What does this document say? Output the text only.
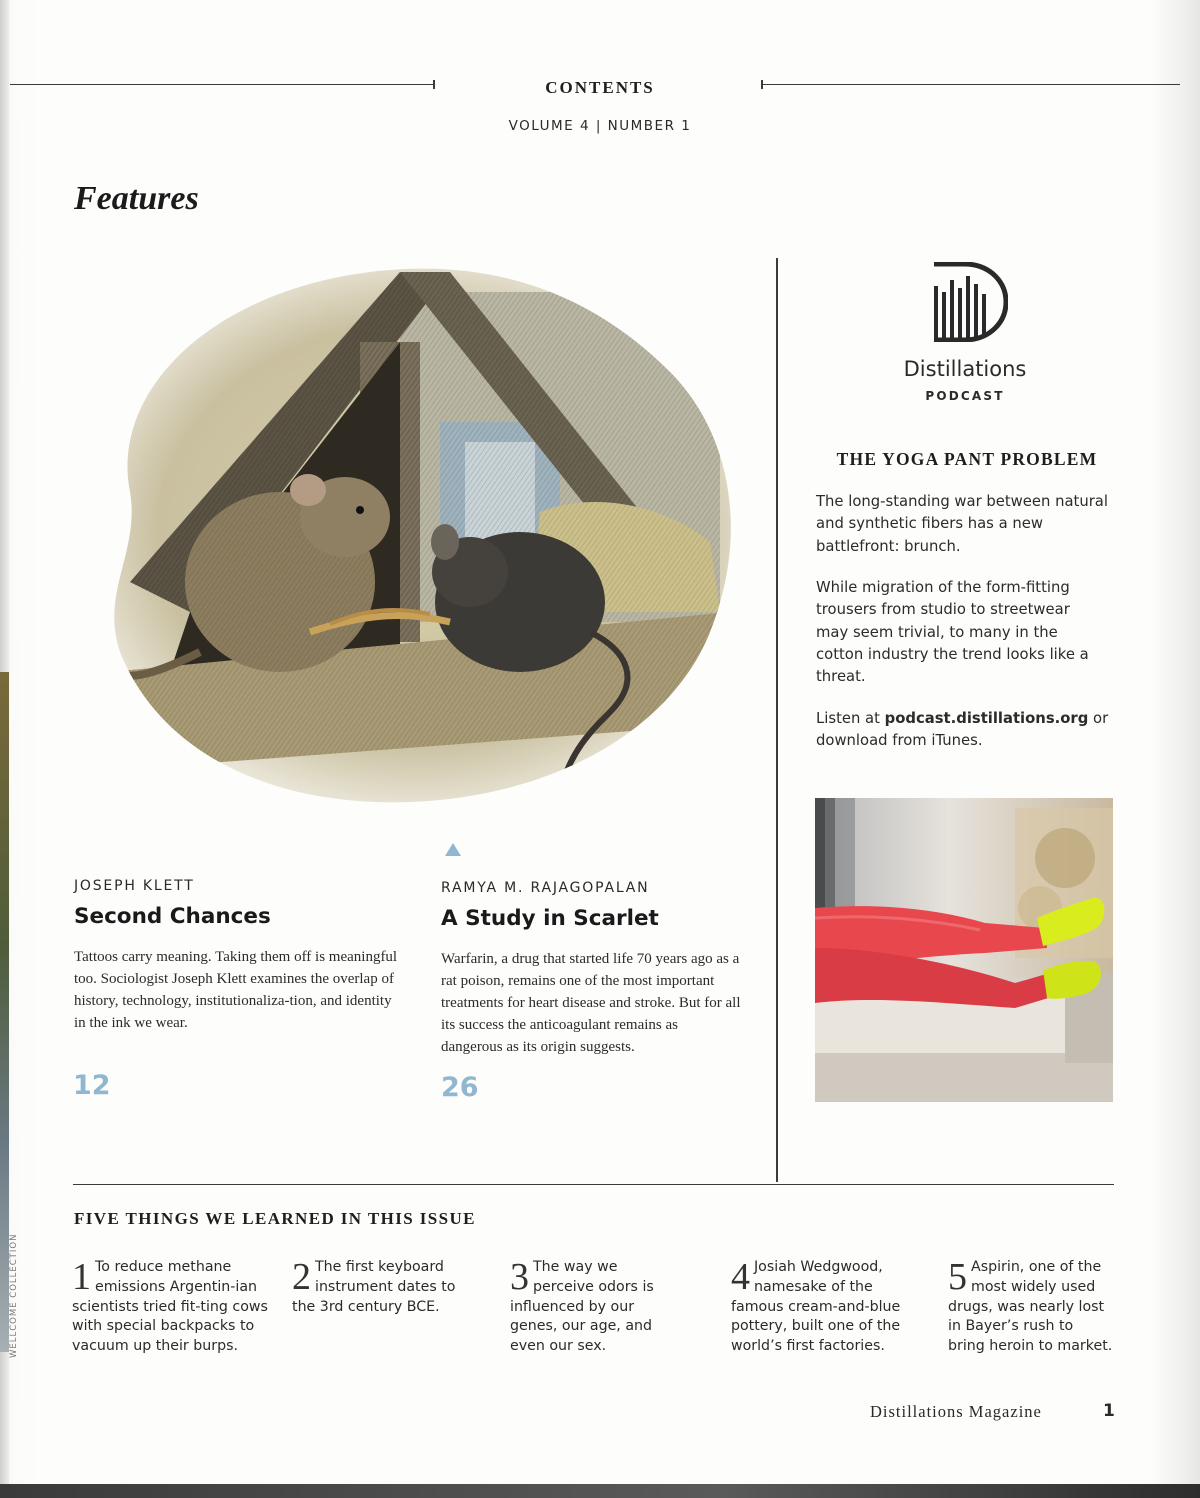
CONTENTS
VOLUME 4 | NUMBER 1
Features
JOSEPH KLETT
Second Chances
Tattoos carry meaning. Taking them off is meaningful too. Sociologist Joseph Klett examines the overlap of history, technology, institutionaliza-tion, and identity in the ink we wear.
12
RAMYA M. RAJAGOPALAN
A Study in Scarlet
Warfarin, a drug that started life 70 years ago as a rat poison, remains one of the most important treatments for heart disease and stroke. But for all its success the anticoagulant remains as dangerous as its origin suggests.
26
Distillations
PODCAST
THE YOGA PANT PROBLEM
The long-standing war between natural and synthetic fibers has a new battlefront: brunch.
While migration of the form-fitting trousers from studio to streetwear may seem trivial, to many in the cotton industry the trend looks like a threat.
Listen at podcast.distillations.org or download from iTunes.
FIVE THINGS WE LEARNED IN THIS ISSUE
1 To reduce methane emissions Argentin-ian scientists tried fit-ting cows with special backpacks to vacuum up their burps.
2 The first keyboard instrument dates to the 3rd century BCE.
3 The way we perceive odors is influenced by our genes, our age, and even our sex.
4 Josiah Wedgwood, namesake of the famous cream-and-blue pottery, built one of the world’s first factories.
5 Aspirin, one of the most widely used drugs, was nearly lost in Bayer’s rush to bring heroin to market.
Distillations Magazine	1
WELLCOME COLLECTION
